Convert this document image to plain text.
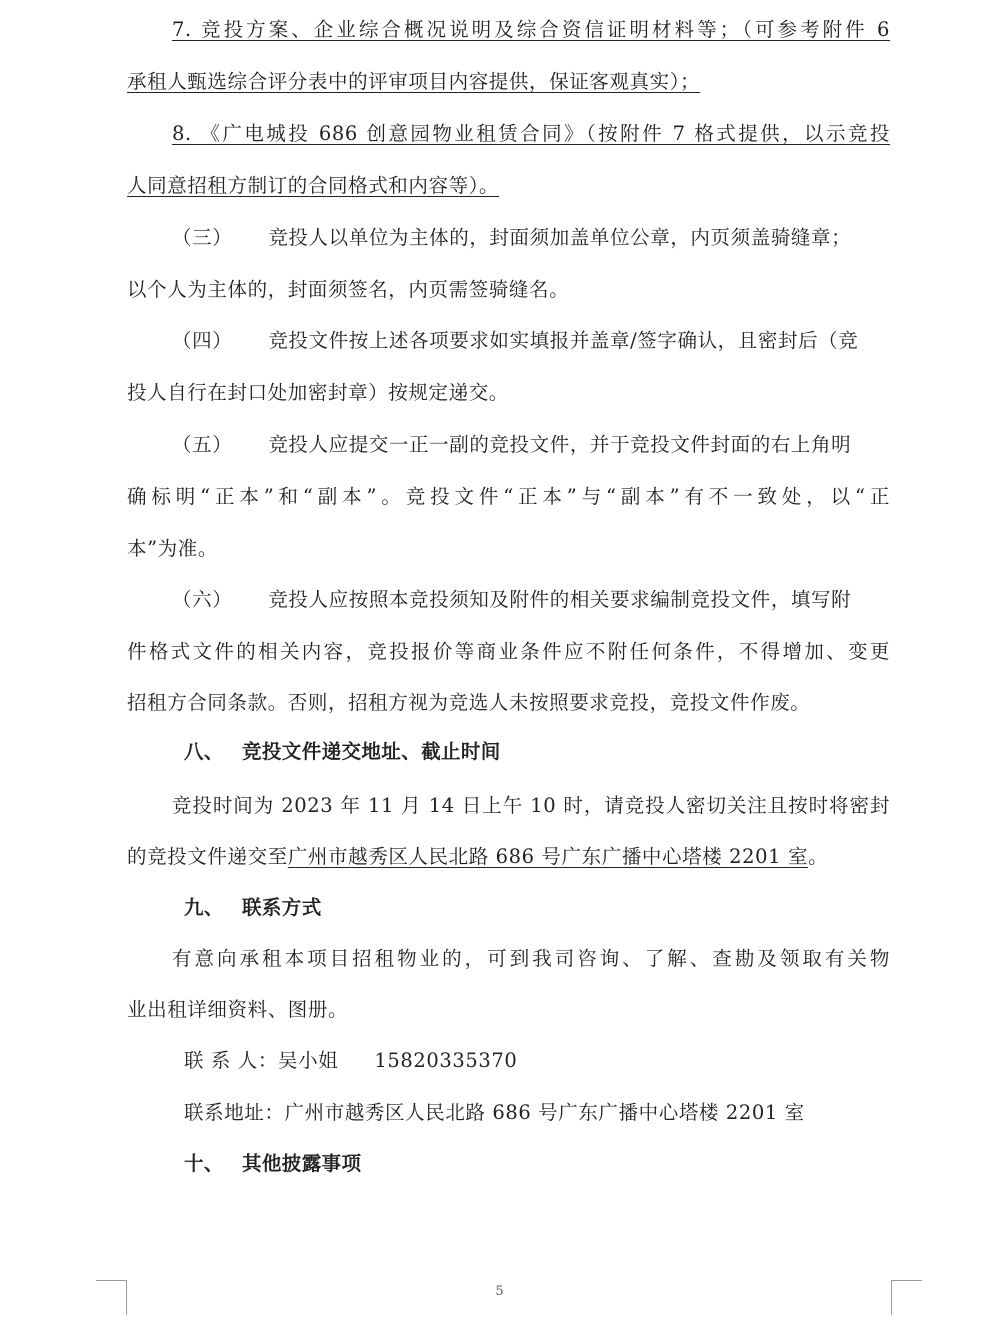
7. 竞投方案、企业综合概况说明及综合资信证明材料等；（可参考附件 6
承租人甄选综合评分表中的评审项目内容提供，保证客观真实）；
8. 《广电城投 686 创意园物业租赁合同》（按附件 7 格式提供，以示竞投
人同意招租方制订的合同格式和内容等）。
（三） 竞投人以单位为主体的，封面须加盖单位公章，内页须盖骑缝章；
以个人为主体的，封面须签名，内页需签骑缝名。
（四） 竞投文件按上述各项要求如实填报并盖章/签字确认，且密封后（竞
投人自行在封口处加密封章）按规定递交。
（五） 竞投人应提交一正一副的竞投文件，并于竞投文件封面的右上角明
确标明“正本”和“副本”。竞投文件“正本”与“副本”有不一致处，以“正
本”为准。
（六） 竞投人应按照本竞投须知及附件的相关要求编制竞投文件，填写附
件格式文件的相关内容，竞投报价等商业条件应不附任何条件，不得增加、变更
招租方合同条款。否则，招租方视为竞选人未按照要求竞投，竞投文件作废。
八、 竞投文件递交地址、截止时间
竞投时间为 2023 年 11 月 14 日上午 10 时，请竞投人密切关注且按时将密封
的竞投文件递交至广州市越秀区人民北路 686 号广东广播中心塔楼 2201 室。
九、 联系方式
有意向承租本项目招租物业的，可到我司咨询、了解、查勘及领取有关物
业出租详细资料、图册。
联 系 人：吴小姐 15820335370
联系地址：广州市越秀区人民北路 686 号广东广播中心塔楼 2201 室
十、 其他披露事项
5
